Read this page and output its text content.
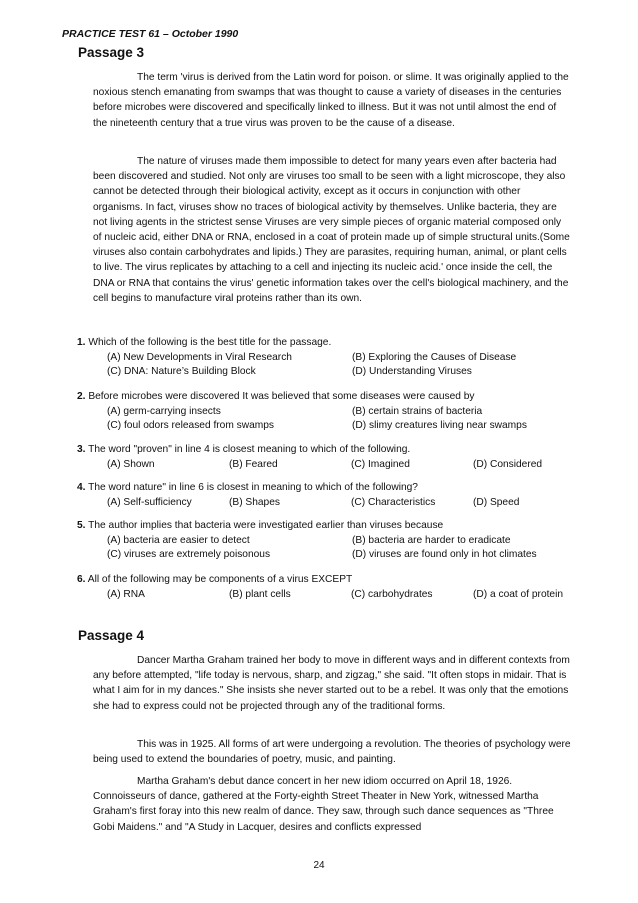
PRACTICE TEST 61 – October 1990
Passage 3

The term 'virus is derived from the Latin word for poison. or slime. It was originally applied to the noxious stench emanating from swamps that was thought to cause a variety of diseases in the centuries before microbes were discovered and specifically linked to illness. But it was not until almost the end of the nineteenth century that a true virus was proven to be the cause of a disease.

The nature of viruses made them impossible to detect for many years even after bacteria had been discovered and studied. Not only are viruses too small to be seen with a light microscope, they also cannot be detected through their biological activity, except as it occurs in conjunction with other organisms. In fact, viruses show no traces of biological activity by themselves. Unlike bacteria, they are not living agents in the strictest sense Viruses are very simple pieces of organic material composed only of nucleic acid, either DNA or RNA, enclosed in a coat of protein made up of simple structural units.(Some viruses also contain carbohydrates and lipids.) They are parasites, requiring human, animal, or plant cells to live. The virus replicates by attaching to a cell and injecting its nucleic acid.' once inside the cell, the DNA or RNA that contains the virus' genetic information takes over the cell's biological machinery, and the cell begins to manufacture viral proteins rather than its own.

1. Which of the following is the best title for the passage.
(A) New Developments in Viral Research	(B) Exploring the Causes of Disease
(C) DNA: Nature’s Building Block	(D) Understanding Viruses
2. Before microbes were discovered It was believed that some diseases were caused by
(A) germ-carrying insects	(B) certain strains of bacteria
(C) foul odors released from swamps	(D) slimy creatures living near swamps
3. The word "proven" in line 4 is closest meaning to which of the following.
(A) Shown	(B) Feared	(C) Imagined	(D) Considered
4. The word nature" in line 6 is closest in meaning to which of the following?
(A) Self-sufficiency	(B) Shapes	(C) Characteristics	(D) Speed
5. The author implies that bacteria were investigated earlier than viruses because
(A) bacteria are easier to detect	(B) bacteria are harder to eradicate
(C) viruses are extremely poisonous	(D) viruses are found only in hot climates
6. All of the following may be components of a virus EXCEPT
(A) RNA	(B) plant cells	(C) carbohydrates	(D) a coat of protein
Passage 4

Dancer Martha Graham trained her body to move in different ways and in different contexts from any before attempted, "life today is nervous, sharp, and zigzag," she said. "It often stops in midair. That is what I aim for in my dances." She insists she never started out to be a rebel. It was only that the emotions she had to express could not be projected through any of the traditional forms.

This was in 1925. All forms of art were undergoing a revolution. The theories of psychology were being used to extend the boundaries of poetry, music, and painting.

Martha Graham's debut dance concert in her new idiom occurred on April 18, 1926. Connoisseurs of dance, gathered at the Forty-eighth Street Theater in New York, witnessed Martha Graham's first foray into this new realm of dance. They saw, through such dance sequences as "Three Gobi Maidens." and "A Study in Lacquer, desires and conflicts expressed

24
